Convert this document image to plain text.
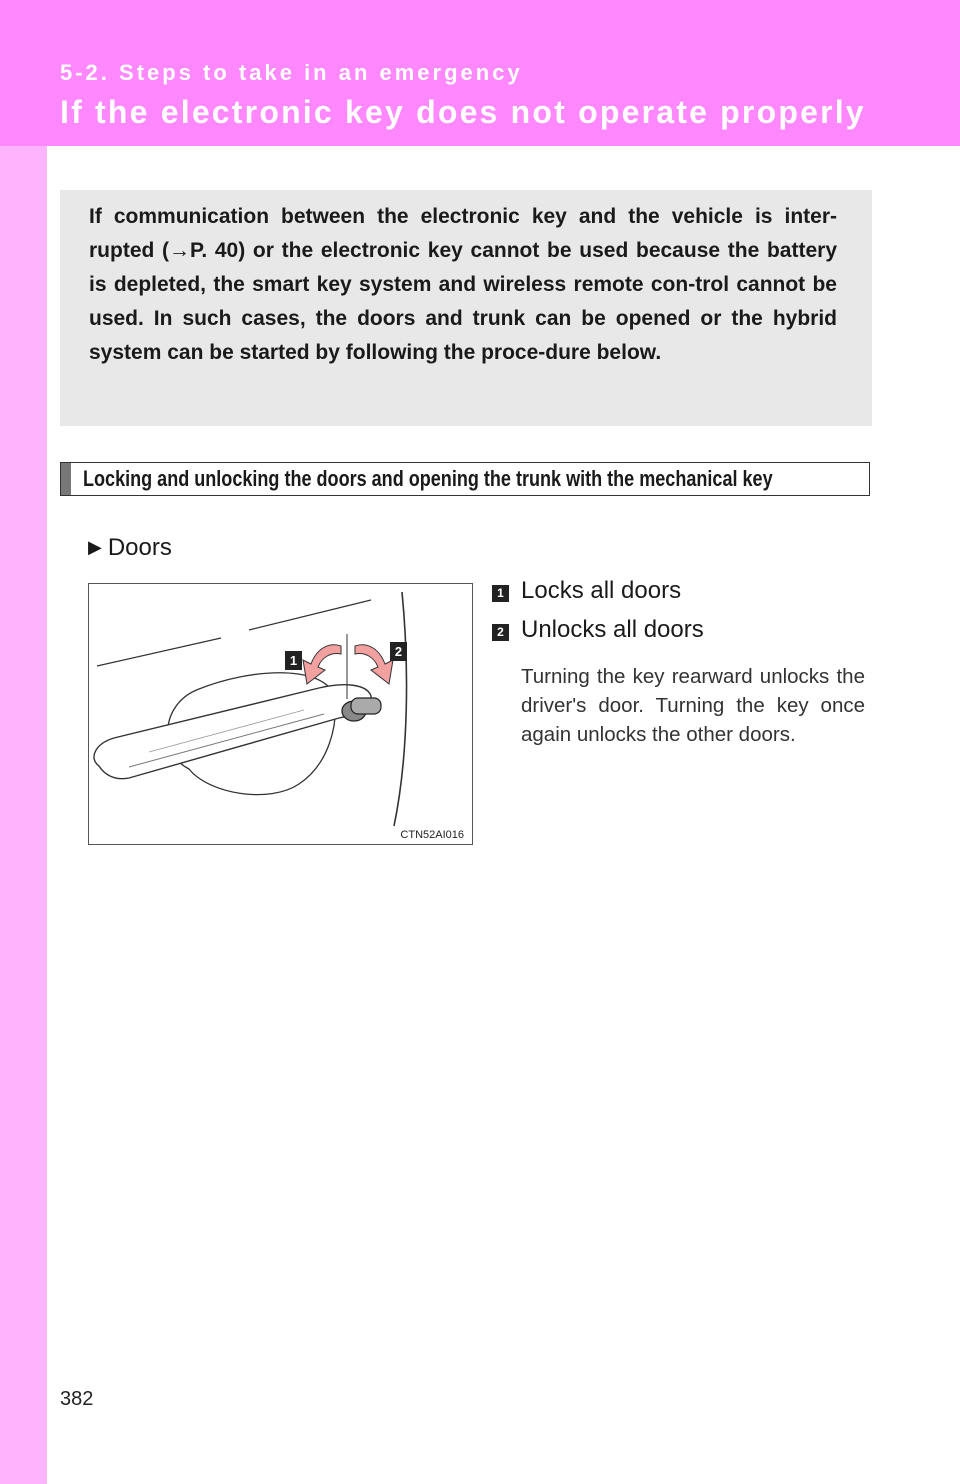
5-2. Steps to take in an emergency
If the electronic key does not operate properly
If communication between the electronic key and the vehicle is inter-rupted (→P. 40) or the electronic key cannot be used because the battery is depleted, the smart key system and wireless remote con-trol cannot be used. In such cases, the doors and trunk can be opened or the hybrid system can be started by following the proce-dure below.
Locking and unlocking the doors and opening the trunk with the mechanical key
▶ Doors
1
2
CTN52AI016
1 Locks all doors
2 Unlocks all doors
Turning the key rearward unlocks the driver's door. Turning the key once again unlocks the other doors.
382
